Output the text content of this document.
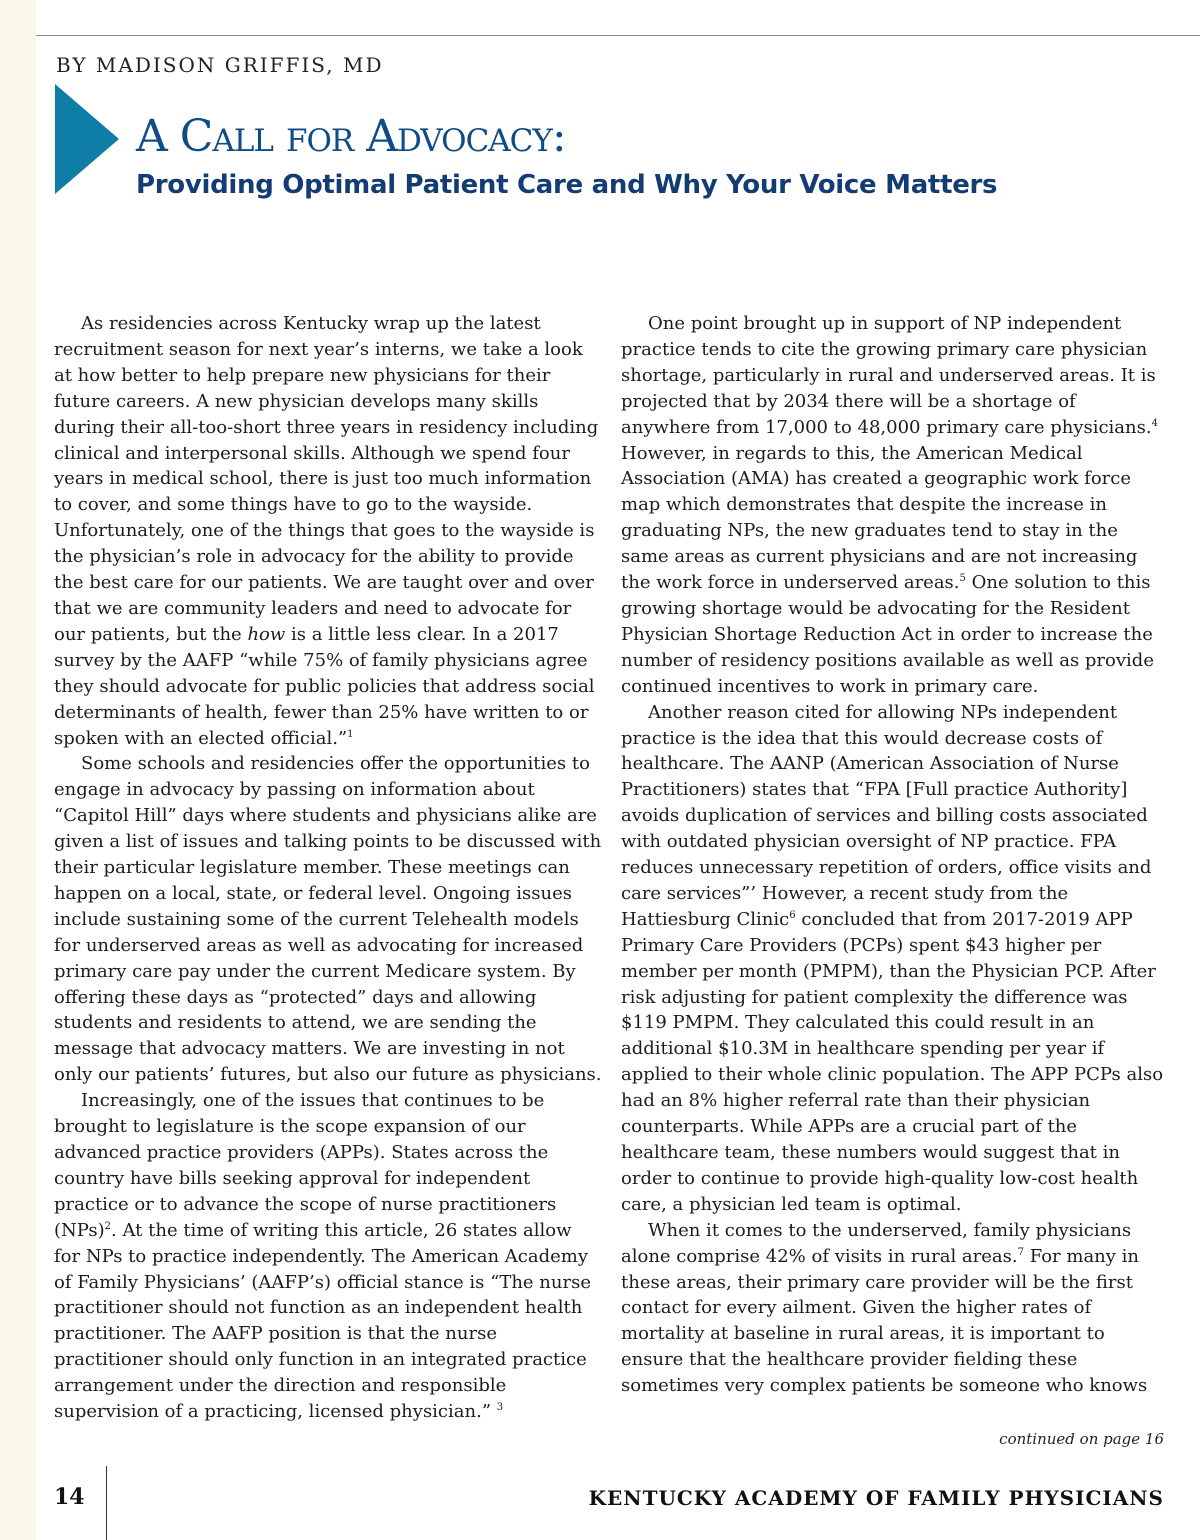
BY MADISON GRIFFIS, MD
A Call for Advocacy:
Providing Optimal Patient Care and Why Your Voice Matters

As residencies across Kentucky wrap up the latest recruitment season for next year’s interns, we take a look at how better to help prepare new physicians for their future careers. A new physician develops many skills during their all-too-short three years in residency including clinical and interpersonal skills. Although we spend four years in medical school, there is just too much information to cover, and some things have to go to the wayside. Unfortunately, one of the things that goes to the wayside is the physician’s role in advocacy for the ability to provide the best care for our patients. We are taught over and over that we are community leaders and need to advocate for our patients, but the how is a little less clear. In a 2017 survey by the AAFP “while 75% of family physicians agree they should advocate for public policies that address social determinants of health, fewer than 25% have written to or spoken with an elected official.”$^1$

Some schools and residencies offer the opportunities to engage in advocacy by passing on information about “Capitol Hill” days where students and physicians alike are given a list of issues and talking points to be discussed with their particular legislature member. These meetings can happen on a local, state, or federal level. Ongoing issues include sustaining some of the current Telehealth models for underserved areas as well as advocating for increased primary care pay under the current Medicare system. By offering these days as “protected” days and allowing students and residents to attend, we are sending the message that advocacy matters. We are investing in not only our patients’ futures, but also our future as physicians.

Increasingly, one of the issues that continues to be brought to legislature is the scope expansion of our advanced practice providers (APPs). States across the country have bills seeking approval for independent practice or to advance the scope of nurse practitioners (NPs)$^2$. At the time of writing this article, 26 states allow for NPs to practice independently. The American Academy of Family Physicians’ (AAFP’s) official stance is “The nurse practitioner should not function as an independent health practitioner. The AAFP position is that the nurse practitioner should only function in an integrated practice arrangement under the direction and responsible supervision of a practicing, licensed physician.” $^3$

One point brought up in support of NP independent practice tends to cite the growing primary care physician shortage, particularly in rural and underserved areas. It is projected that by 2034 there will be a shortage of anywhere from 17,000 to 48,000 primary care physicians.$^4$ However, in regards to this, the American Medical Association (AMA) has created a geographic work force map which demonstrates that despite the increase in graduating NPs, the new graduates tend to stay in the same areas as current physicians and are not increasing the work force in underserved areas.$^5$ One solution to this growing shortage would be advocating for the Resident Physician Shortage Reduction Act in order to increase the number of residency positions available as well as provide continued incentives to work in primary care.

Another reason cited for allowing NPs independent practice is the idea that this would decrease costs of healthcare. The AANP (American Association of Nurse Practitioners) states that “FPA [Full practice Authority] avoids duplication of services and billing costs associated with outdated physician oversight of NP practice. FPA reduces unnecessary repetition of orders, office visits and care services”’ However, a recent study from the Hattiesburg Clinic$^6$ concluded that from 2017-2019 APP Primary Care Providers (PCPs) spent $43 higher per member per month (PMPM), than the Physician PCP. After risk adjusting for patient complexity the difference was $119 PMPM. They calculated this could result in an additional $10.3M in healthcare spending per year if applied to their whole clinic population. The APP PCPs also had an 8% higher referral rate than their physician counterparts. While APPs are a crucial part of the healthcare team, these numbers would suggest that in order to continue to provide high-quality low-cost health care, a physician led team is optimal.

When it comes to the underserved, family physicians alone comprise 42% of visits in rural areas.$^7$ For many in these areas, their primary care provider will be the first contact for every ailment. Given the higher rates of mortality at baseline in rural areas, it is important to ensure that the healthcare provider fielding these sometimes very complex patients be someone who knows

continued on page 16
14	KENTUCKY ACADEMY OF FAMILY PHYSICIANS
